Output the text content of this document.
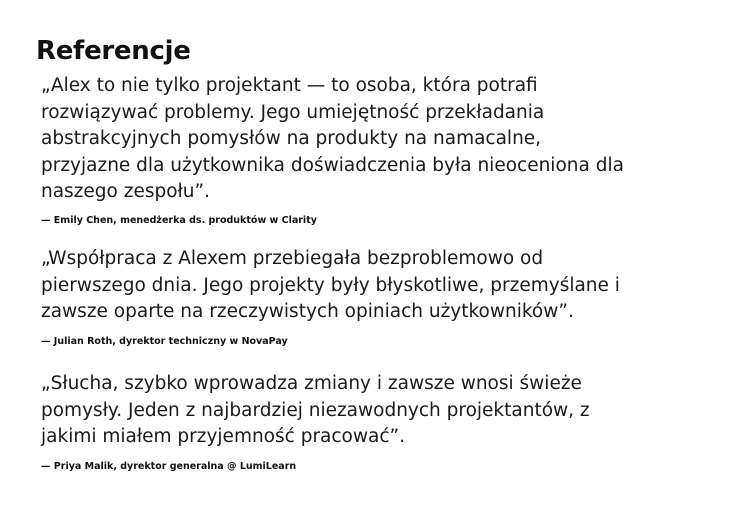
Referencje

„Alex to nie tylko projektant — to osoba, która potrafi
rozwiązywać problemy. Jego umiejętność przekładania
abstrakcyjnych pomysłów na produkty na namacalne,
przyjazne dla użytkownika doświadczenia była nieoceniona dla
naszego zespołu”.

— Emily Chen, menedżerka ds. produktów w Clarity

„Współpraca z Alexem przebiegała bezproblemowo od
pierwszego dnia. Jego projekty były błyskotliwe, przemyślane i
zawsze oparte na rzeczywistych opiniach użytkowników”.

— Julian Roth, dyrektor techniczny w NovaPay

„Słucha, szybko wprowadza zmiany i zawsze wnosi świeże
pomysły. Jeden z najbardziej niezawodnych projektantów, z
jakimi miałem przyjemność pracować”.

— Priya Malik, dyrektor generalna @ LumiLearn
